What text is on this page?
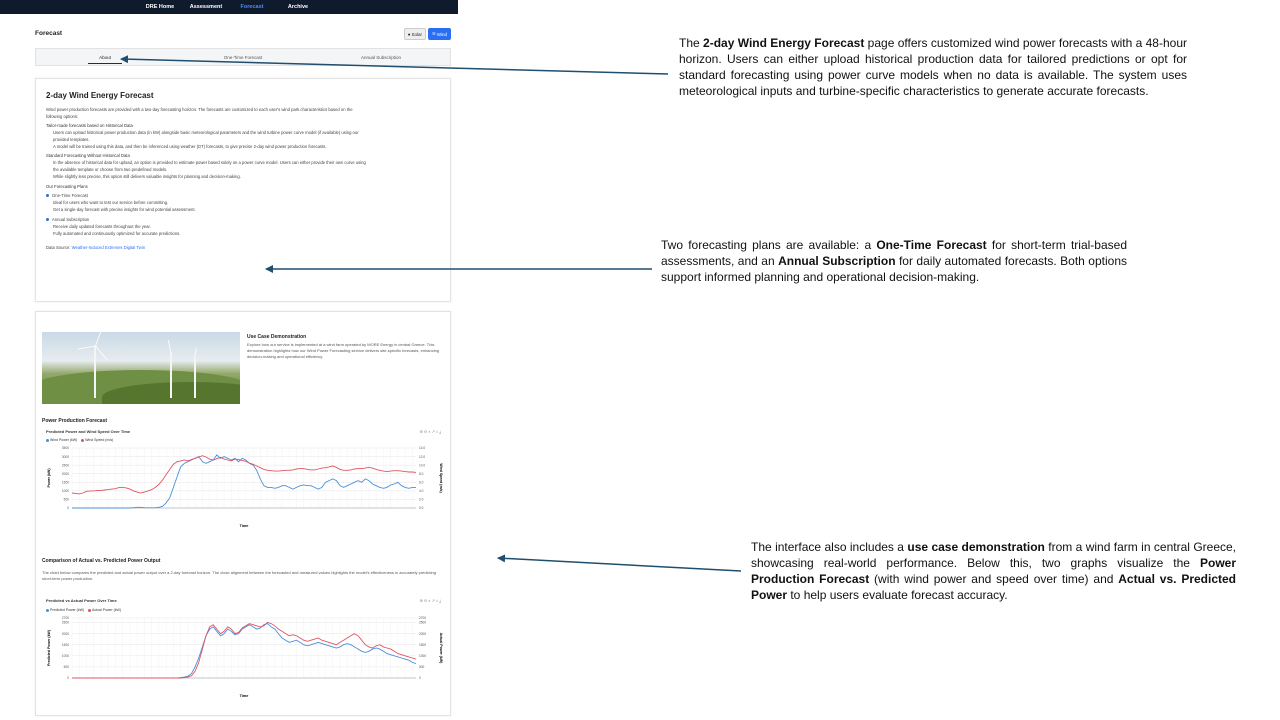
DRE Home	Assessment	Forecast	Archive
Forecast	● Solar ≋ Wind
About	One-Time Forecast	Annual Subscription
2-day Wind Energy Forecast
Wind power production forecasts are provided with a two-day forecasting horizon. The forecasts are customized to each user's wind park characteristics based on the
following options:
Tailor-made forecasts based on Historical Data
Users can upload historical power production data (in kW) alongside basic meteorological parameters and the wind turbine power curve model (if available) using our
provided templates.
A model will be trained using this data, and then be inferenced using weather (DT) forecasts, to give precise 2-day wind power production forecasts.
Standard Forecasting Without Historical Data
In the absence of historical data for upload, an option is provided to estimate power based solely on a power curve model. Users can either provide their own curve using
the available template or choose from two predefined models.
While slightly less precise, this option still delivers valuable insights for planning and decision-making.
Our Forecasting Plans
One-Time Forecast
Ideal for users who want to test our service before committing.
Get a single-day forecast with precise insights for wind potential assessment.
Annual Subscription
Receive daily updated forecasts throughout the year.
Fully automated and continuously optimized for accurate predictions.
Data Source: Weather-Induced Extremes Digital Twin
Use Case Demonstration
Explore how our service is implemented at a wind farm operated by MORE Energy in central Greece. This demonstration highlights how our Wind Power Forecasting service delivers site-specific forecasts, enhancing decision-making and operational efficiency.
Power Production Forecast
Predicted Power and Wind Speed Over Time	⊕⊖⌕↗⌂⤓
Wind Power (kW) Wind Speed (m/s)
0
500
1000
1500
2000
2500
3000
3500
0.0
2.0
4.0
6.0
8.0
10.0
12.0
14.0
Power (kW)	Wind Speed (m/s)
Time
Comparison of Actual vs. Predicted Power Output
The chart below compares the predicted and actual power output over a 2-day forecast horizon. The close alignment between the forecasted and measured values highlights the model's effectiveness in accurately predicting short-term power production.
Predicted vs Actual Power Over Time	⊕⊖⌕↗⌂⤓
Predicted Power (kW) Actual Power (kW)
0
500
1000
1500
2000
2500
2700
0
500
1000
1500
2000
2500
2700
Predicted Power (kW)	Actual Power (kW)
Time
The 2-day Wind Energy Forecast page offers customized wind power forecasts with a 48-hour horizon. Users can either upload historical production data for tailored predictions or opt for standard forecasting using power curve models when no data is available. The system uses meteorological inputs and turbine-specific characteristics to generate accurate forecasts.
Two forecasting plans are available: a One-Time Forecast for short-term trial-based assessments, and an Annual Subscription for daily automated forecasts. Both options support informed planning and operational decision-making.
The interface also includes a use case demonstration from a wind farm in central Greece, showcasing real-world performance. Below this, two graphs visualize the Power Production Forecast (with wind power and speed over time) and Actual vs. Predicted Power to help users evaluate forecast accuracy.
